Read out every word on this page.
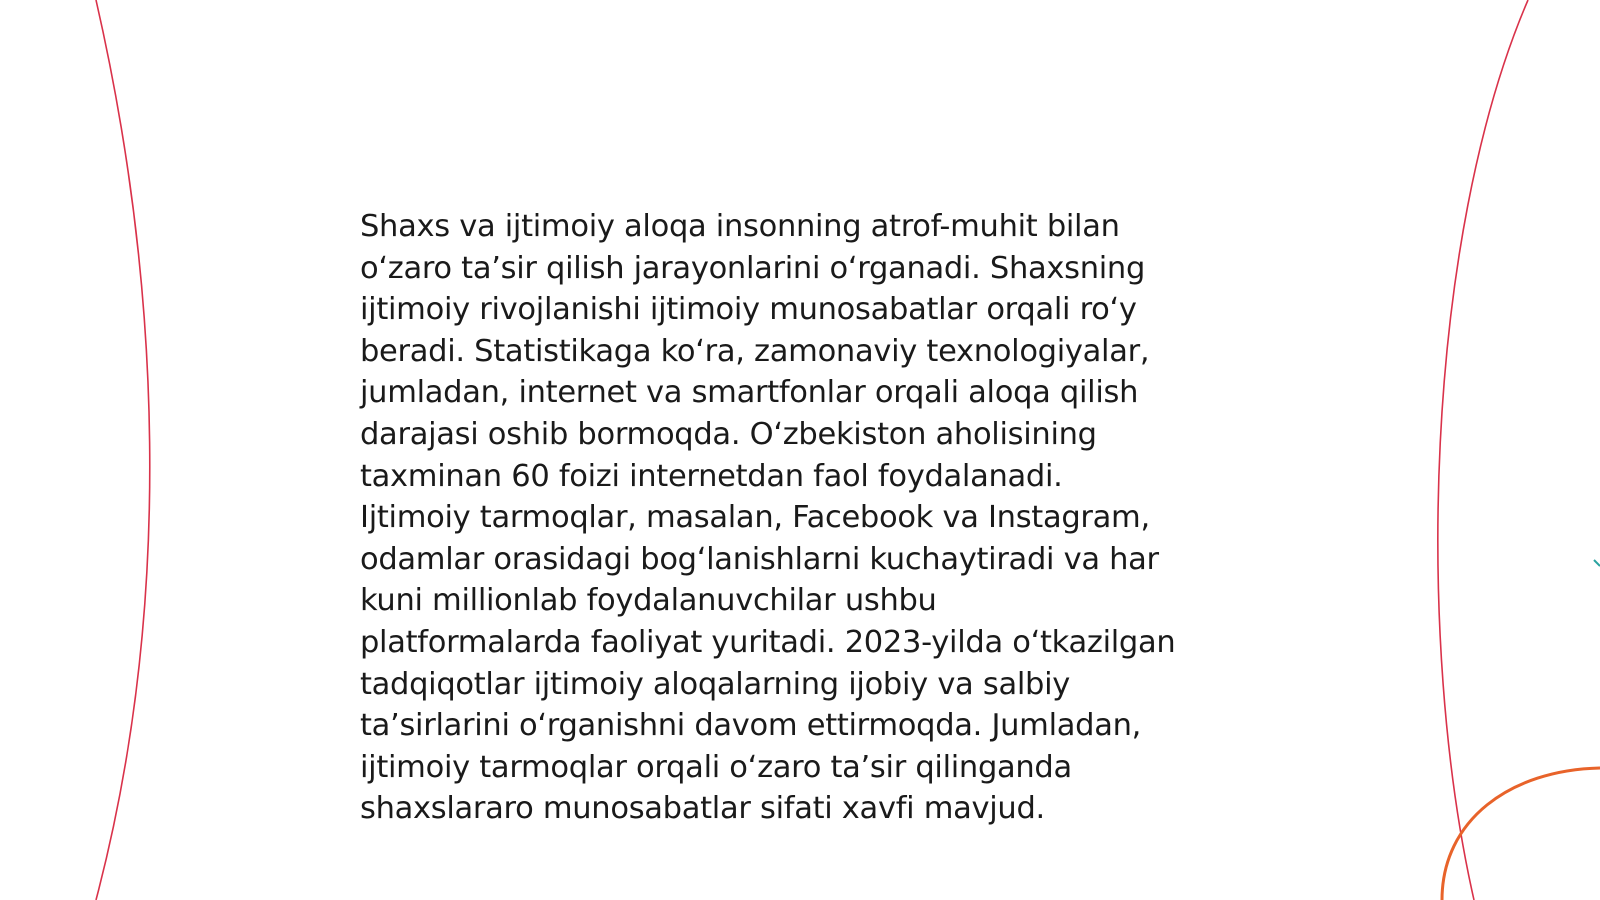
Shaxs va ijtimoiy aloqa insonning atrof-muhit bilan
o‘zaro ta’sir qilish jarayonlarini o‘rganadi. Shaxsning
ijtimoiy rivojlanishi ijtimoiy munosabatlar orqali ro‘y
beradi. Statistikaga ko‘ra, zamonaviy texnologiyalar,
jumladan, internet va smartfonlar orqali aloqa qilish
darajasi oshib bormoqda. O‘zbekiston aholisining
taxminan 60 foizi internetdan faol foydalanadi.
Ijtimoiy tarmoqlar, masalan, Facebook va Instagram,
odamlar orasidagi bog‘lanishlarni kuchaytiradi va har
kuni millionlab foydalanuvchilar ushbu
platformalarda faoliyat yuritadi. 2023-yilda o‘tkazilgan
tadqiqotlar ijtimoiy aloqalarning ijobiy va salbiy
ta’sirlarini o‘rganishni davom ettirmoqda. Jumladan,
ijtimoiy tarmoqlar orqali o‘zaro ta’sir qilinganda
shaxslararo munosabatlar sifati xavfi mavjud.
